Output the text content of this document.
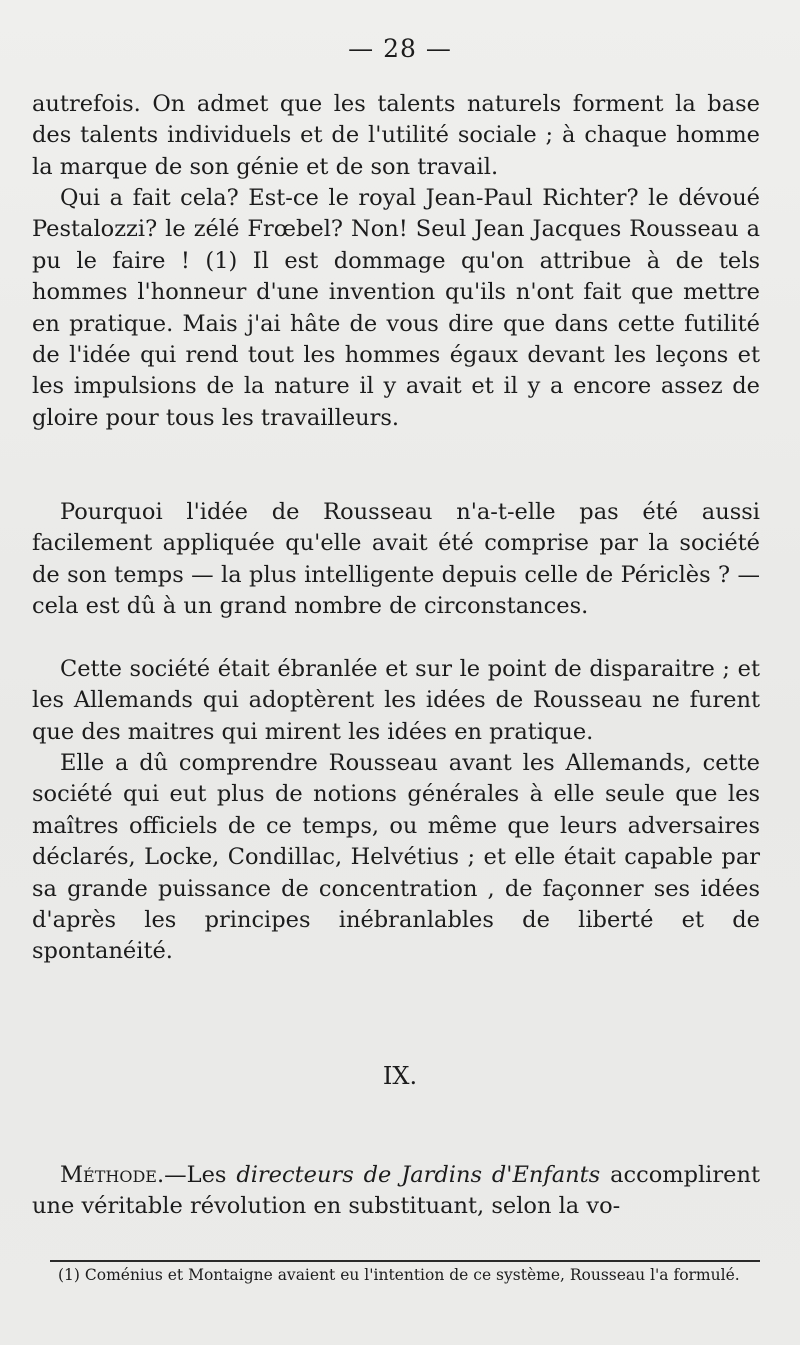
— 28 —

autrefois. On admet que les talents naturels forment la base des talents individuels et de l'utilité sociale ; à chaque homme la marque de son génie et de son travail.

Qui a fait cela? Est-ce le royal Jean-Paul Richter? le dévoué Pestalozzi? le zélé Frœbel? Non! Seul Jean Jacques Rousseau a pu le faire ! (1) Il est dommage qu'on attribue à de tels hommes l'honneur d'une invention qu'ils n'ont fait que mettre en pratique. Mais j'ai hâte de vous dire que dans cette futilité de l'idée qui rend tout les hommes égaux devant les leçons et les impulsions de la nature il y avait et il y a encore assez de gloire pour tous les travailleurs.

Pourquoi l'idée de Rousseau n'a-t-elle pas été aussi facilement appliquée qu'elle avait été comprise par la société de son temps — la plus intelligente depuis celle de Périclès ? — cela est dû à un grand nombre de circonstances.

Cette société était ébranlée et sur le point de disparaitre ; et les Allemands qui adoptèrent les idées de Rousseau ne furent que des maitres qui mirent les idées en pratique.

Elle a dû comprendre Rousseau avant les Allemands, cette société qui eut plus de notions générales à elle seule que les maîtres officiels de ce temps, ou même que leurs adversaires déclarés, Locke, Condillac, Helvétius ; et elle était capable par sa grande puissance de concentration , de façonner ses idées d'après les principes inébranlables de liberté et de spontanéité.

IX.

Méthode.—Les directeurs de Jardins d'Enfants accomplirent une véritable révolution en substituant, selon la vo-

(1) Coménius et Montaigne avaient eu l'intention de ce système, Rousseau l'a formulé.
